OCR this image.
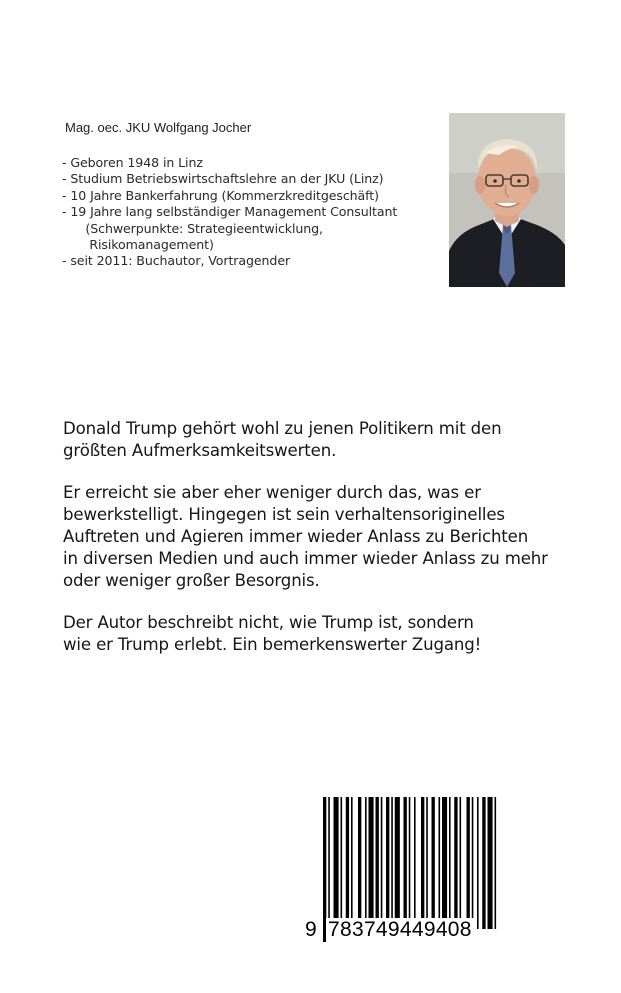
Mag. oec. JKU Wolfgang Jocher
- Geboren 1948 in Linz
- Studium Betriebswirtschaftslehre an der JKU (Linz)
- 10 Jahre Bankerfahrung (Kommerzkreditgeschäft)
- 19 Jahre lang selbständiger Management Consultant
(Schwerpunkte: Strategieentwicklung,
Risikomanagement)
- seit 2011: Buchautor, Vortragender

Donald Trump gehört wohl zu jenen Politikern mit den
größten Aufmerksamkeitswerten.

Er erreicht sie aber eher weniger durch das, was er
bewerkstelligt. Hingegen ist sein verhaltensoriginelles
Auftreten und Agieren immer wieder Anlass zu Berichten
in diversen Medien und auch immer wieder Anlass zu mehr
oder weniger großer Besorgnis.

Der Autor beschreibt nicht, wie Trump ist, sondern
wie er Trump erlebt. Ein bemerkenswerter Zugang!

9 783749449408
